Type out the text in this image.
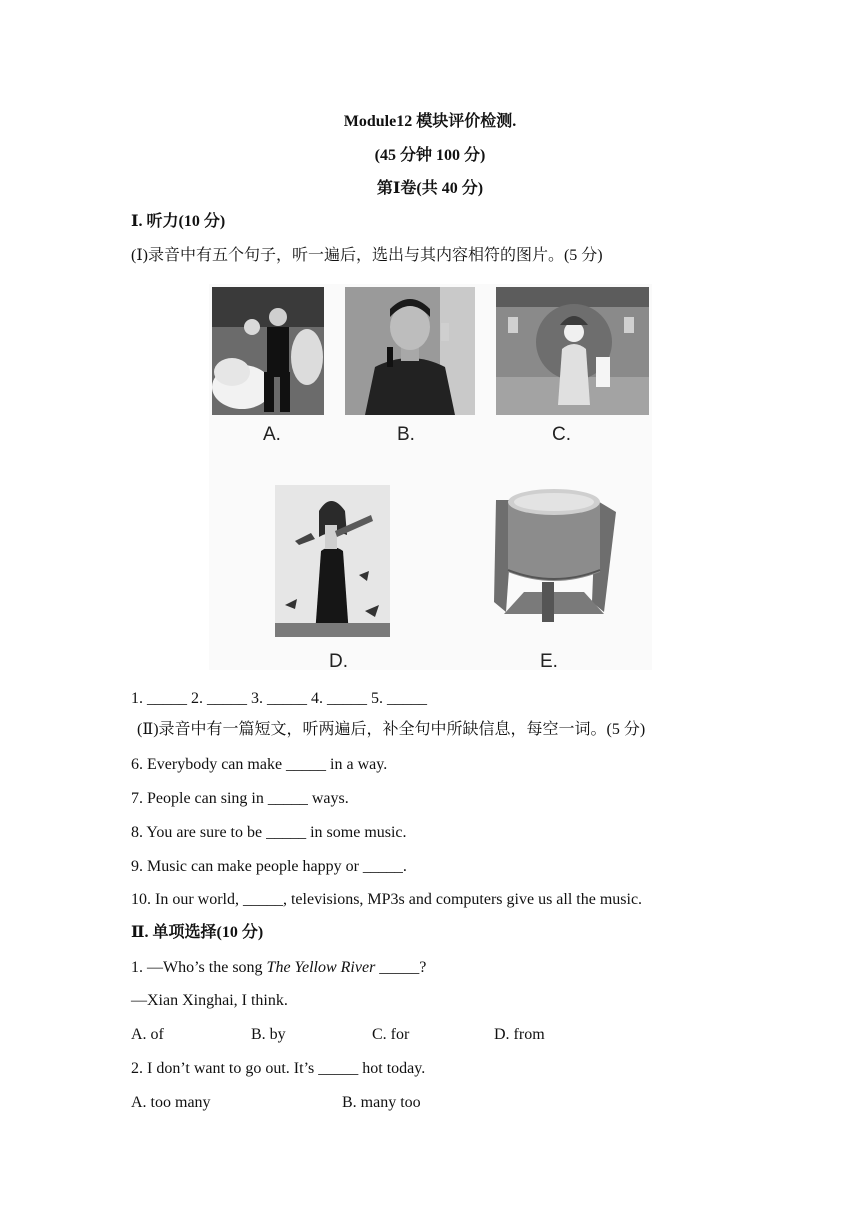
Module12 模块评价检测.
(45 分钟 100 分)
第Ⅰ卷(共 40 分)
Ⅰ. 听力(10 分)
(Ⅰ)录音中有五个句子，听一遍后，选出与其内容相符的图片。(5 分)
A.	B.	C.
D.	E.
1. _____ 2. _____ 3. _____ 4. _____ 5. _____
(Ⅱ)录音中有一篇短文，听两遍后，补全句中所缺信息，每空一词。(5 分)
6. Everybody can make _____ in a way.
7. People can sing in _____ ways.
8. You are sure to be _____ in some music.
9. Music can make people happy or _____.
10. In our world, _____, televisions, MP3s and computers give us all the music.
Ⅱ. 单项选择(10 分)
1. —Who’s the song The Yellow River _____?
—Xian Xinghai, I think.
A. of	B. by	C. for	D. from
2. I don’t want to go out. It’s _____ hot today.
A. too many	B. many too
